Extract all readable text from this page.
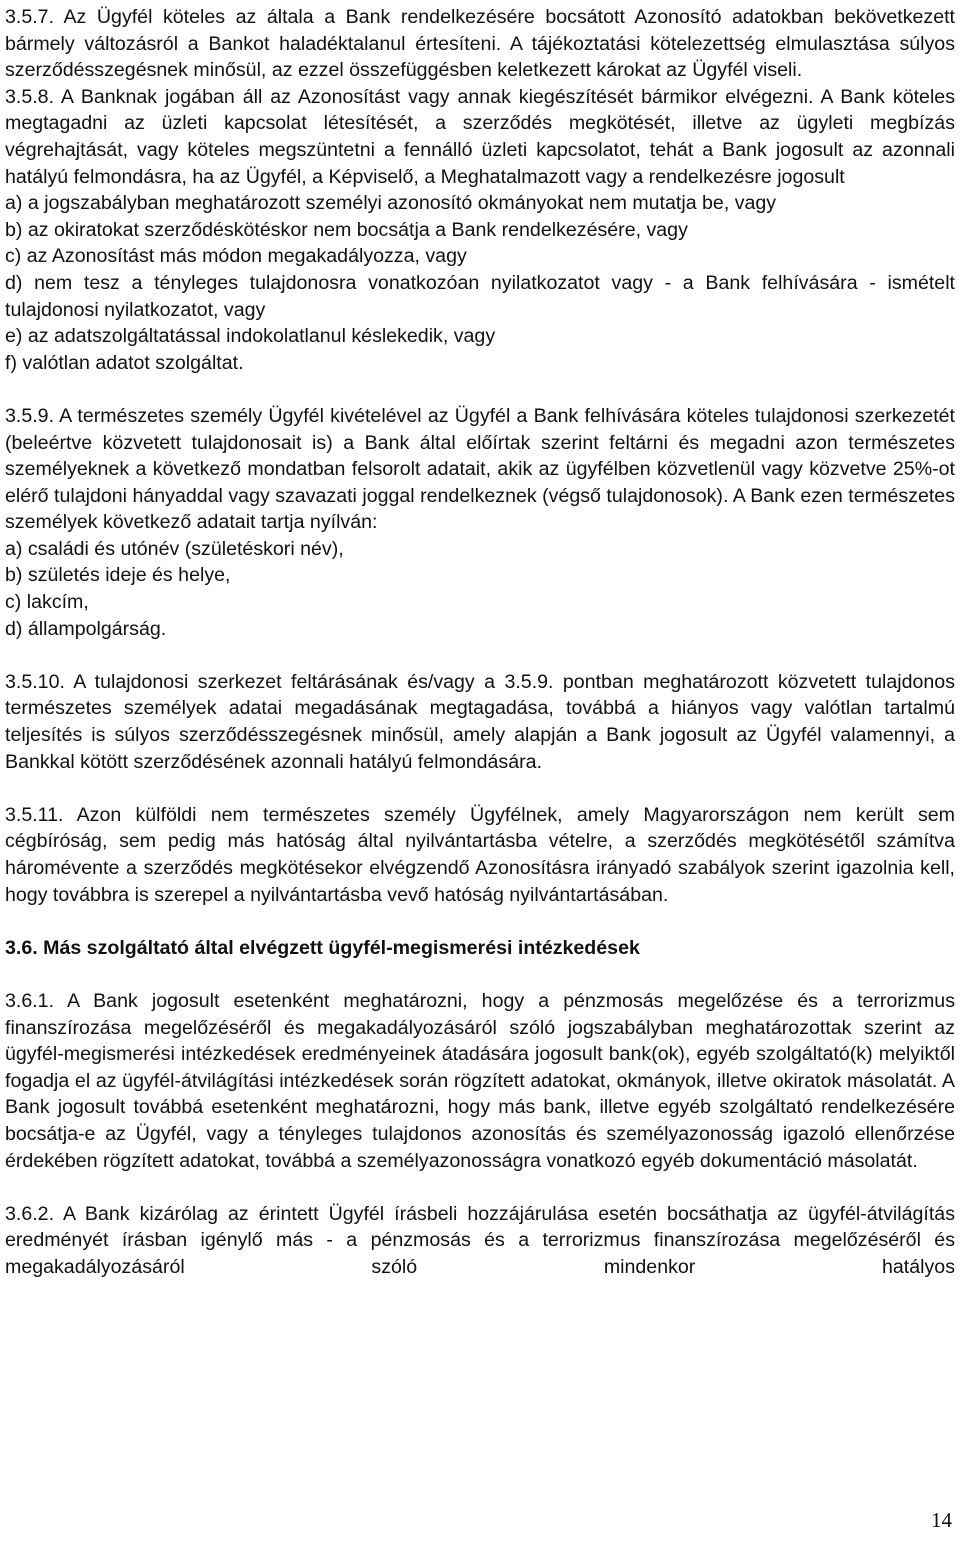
3.5.7. Az Ügyfél köteles az általa a Bank rendelkezésére bocsátott Azonosító adatokban bekövetkezett bármely változásról a Bankot haladéktalanul értesíteni. A tájékoztatási kötelezettség elmulasztása súlyos szerződésszegésnek minősül, az ezzel összefüggésben keletkezett károkat az Ügyfél viseli.

3.5.8. A Banknak jogában áll az Azonosítást vagy annak kiegészítését bármikor elvégezni. A Bank köteles megtagadni az üzleti kapcsolat létesítését, a szerződés megkötését, illetve az ügyleti megbízás végrehajtását, vagy köteles megszüntetni a fennálló üzleti kapcsolatot, tehát a Bank jogosult az azonnali hatályú felmondásra, ha az Ügyfél, a Képviselő, a Meghatalmazott vagy a rendelkezésre jogosult

a) a jogszabályban meghatározott személyi azonosító okmányokat nem mutatja be, vagy

b) az okiratokat szerződéskötéskor nem bocsátja a Bank rendelkezésére, vagy

c) az Azonosítást más módon megakadályozza, vagy

d) nem tesz a tényleges tulajdonosra vonatkozóan nyilatkozatot vagy - a Bank felhívására - ismételt tulajdonosi nyilatkozatot, vagy

e) az adatszolgáltatással indokolatlanul késlekedik, vagy

f) valótlan adatot szolgáltat.

3.5.9. A természetes személy Ügyfél kivételével az Ügyfél a Bank felhívására köteles tulajdonosi szerkezetét (beleértve közvetett tulajdonosait is) a Bank által előírtak szerint feltárni és megadni azon természetes személyeknek a következő mondatban felsorolt adatait, akik az ügyfélben közvetlenül vagy közvetve 25%-ot elérő tulajdoni hányaddal vagy szavazati joggal rendelkeznek (végső tulajdonosok). A Bank ezen természetes személyek következő adatait tartja nyílván:

a) családi és utónév (születéskori név),

b) születés ideje és helye,

c) lakcím,

d) állampolgárság.

3.5.10. A tulajdonosi szerkezet feltárásának és/vagy a 3.5.9. pontban meghatározott közvetett tulajdonos természetes személyek adatai megadásának megtagadása, továbbá a hiányos vagy valótlan tartalmú teljesítés is súlyos szerződésszegésnek minősül, amely alapján a Bank jogosult az Ügyfél valamennyi, a Bankkal kötött szerződésének azonnali hatályú felmondására.

3.5.11. Azon külföldi nem természetes személy Ügyfélnek, amely Magyarországon nem került sem cégbíróság, sem pedig más hatóság által nyilvántartásba vételre, a szerződés megkötésétől számítva háromévente a szerződés megkötésekor elvégzendő Azonosításra irányadó szabályok szerint igazolnia kell, hogy továbbra is szerepel a nyilvántartásba vevő hatóság nyilvántartásában.

3.6. Más szolgáltató által elvégzett ügyfél-megismerési intézkedések

3.6.1. A Bank jogosult esetenként meghatározni, hogy a pénzmosás megelőzése és a terrorizmus finanszírozása megelőzéséről és megakadályozásáról szóló jogszabályban meghatározottak szerint az ügyfél-megismerési intézkedések eredményeinek átadására jogosult bank(ok), egyéb szolgáltató(k) melyiktől fogadja el az ügyfél-átvilágítási intézkedések során rögzített adatokat, okmányok, illetve okiratok másolatát. A Bank jogosult továbbá esetenként meghatározni, hogy más bank, illetve egyéb szolgáltató rendelkezésére bocsátja-e az Ügyfél, vagy a tényleges tulajdonos azonosítás és személyazonosság igazoló ellenőrzése érdekében rögzített adatokat, továbbá a személyazonosságra vonatkozó egyéb dokumentáció másolatát.

3.6.2. A Bank kizárólag az érintett Ügyfél írásbeli hozzájárulása esetén bocsáthatja az ügyfél-átvilágítás eredményét írásban igénylő más - a pénzmosás és a terrorizmus finanszírozása megelőzéséről és megakadályozásáról szóló mindenkor hatályos

14
